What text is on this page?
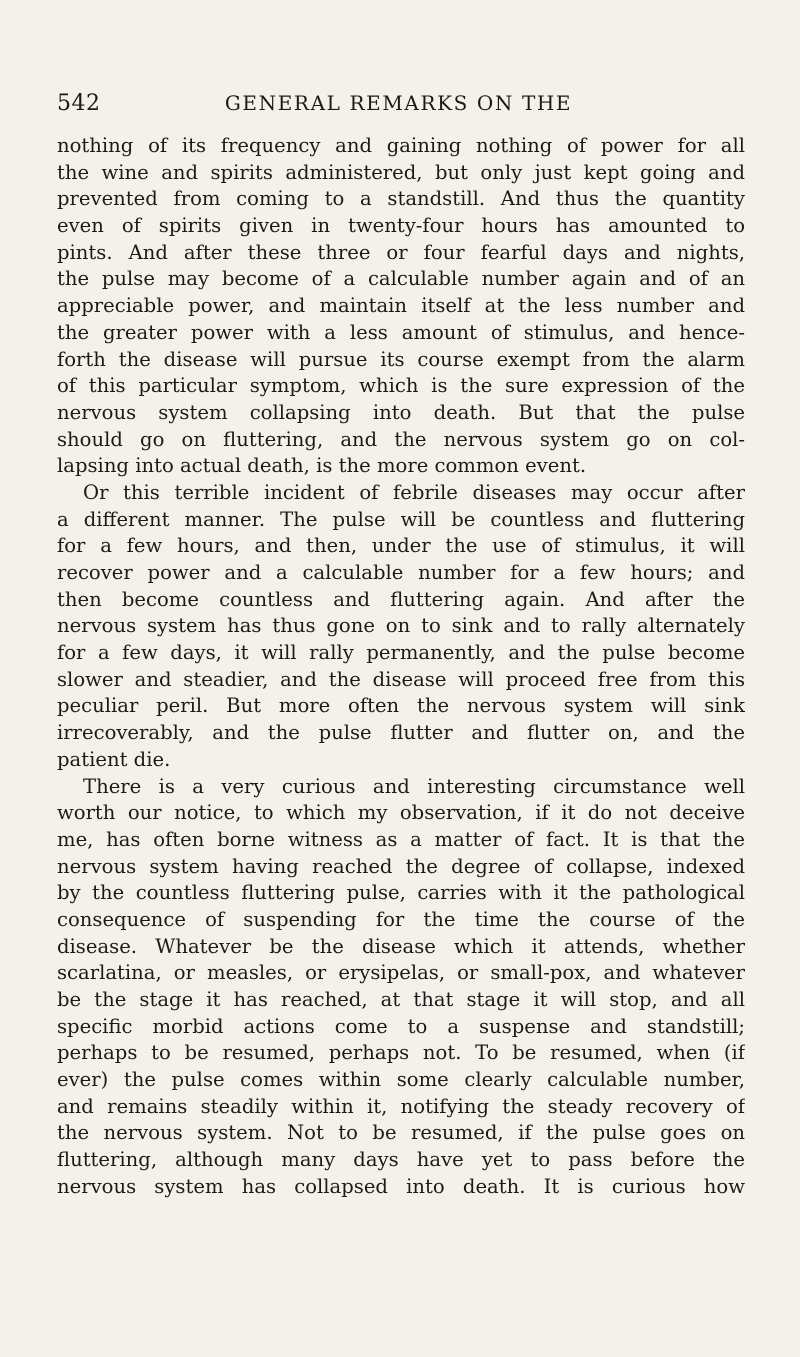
542	GENERAL REMARKS ON THE
nothing of its frequency and gaining nothing of power for all
the wine and spirits administered, but only just kept going and
prevented from coming to a standstill. And thus the quantity
even of spirits given in twenty-four hours has amounted to
pints. And after these three or four fearful days and nights,
the pulse may become of a calculable number again and of an
appreciable power, and maintain itself at the less number and
the greater power with a less amount of stimulus, and hence-
forth the disease will pursue its course exempt from the alarm
of this particular symptom, which is the sure expression of the
nervous system collapsing into death. But that the pulse
should go on fluttering, and the nervous system go on col-
lapsing into actual death, is the more common event.
Or this terrible incident of febrile diseases may occur after
a different manner. The pulse will be countless and fluttering
for a few hours, and then, under the use of stimulus, it will
recover power and a calculable number for a few hours; and
then become countless and fluttering again. And after the
nervous system has thus gone on to sink and to rally alternately
for a few days, it will rally permanently, and the pulse become
slower and steadier, and the disease will proceed free from this
peculiar peril. But more often the nervous system will sink
irrecoverably, and the pulse flutter and flutter on, and the
patient die.
There is a very curious and interesting circumstance well
worth our notice, to which my observation, if it do not deceive
me, has often borne witness as a matter of fact. It is that the
nervous system having reached the degree of collapse, indexed
by the countless fluttering pulse, carries with it the pathological
consequence of suspending for the time the course of the
disease. Whatever be the disease which it attends, whether
scarlatina, or measles, or erysipelas, or small-pox, and whatever
be the stage it has reached, at that stage it will stop, and all
specific morbid actions come to a suspense and standstill;
perhaps to be resumed, perhaps not. To be resumed, when (if
ever) the pulse comes within some clearly calculable number,
and remains steadily within it, notifying the steady recovery of
the nervous system. Not to be resumed, if the pulse goes on
fluttering, although many days have yet to pass before the
nervous system has collapsed into death. It is curious how
